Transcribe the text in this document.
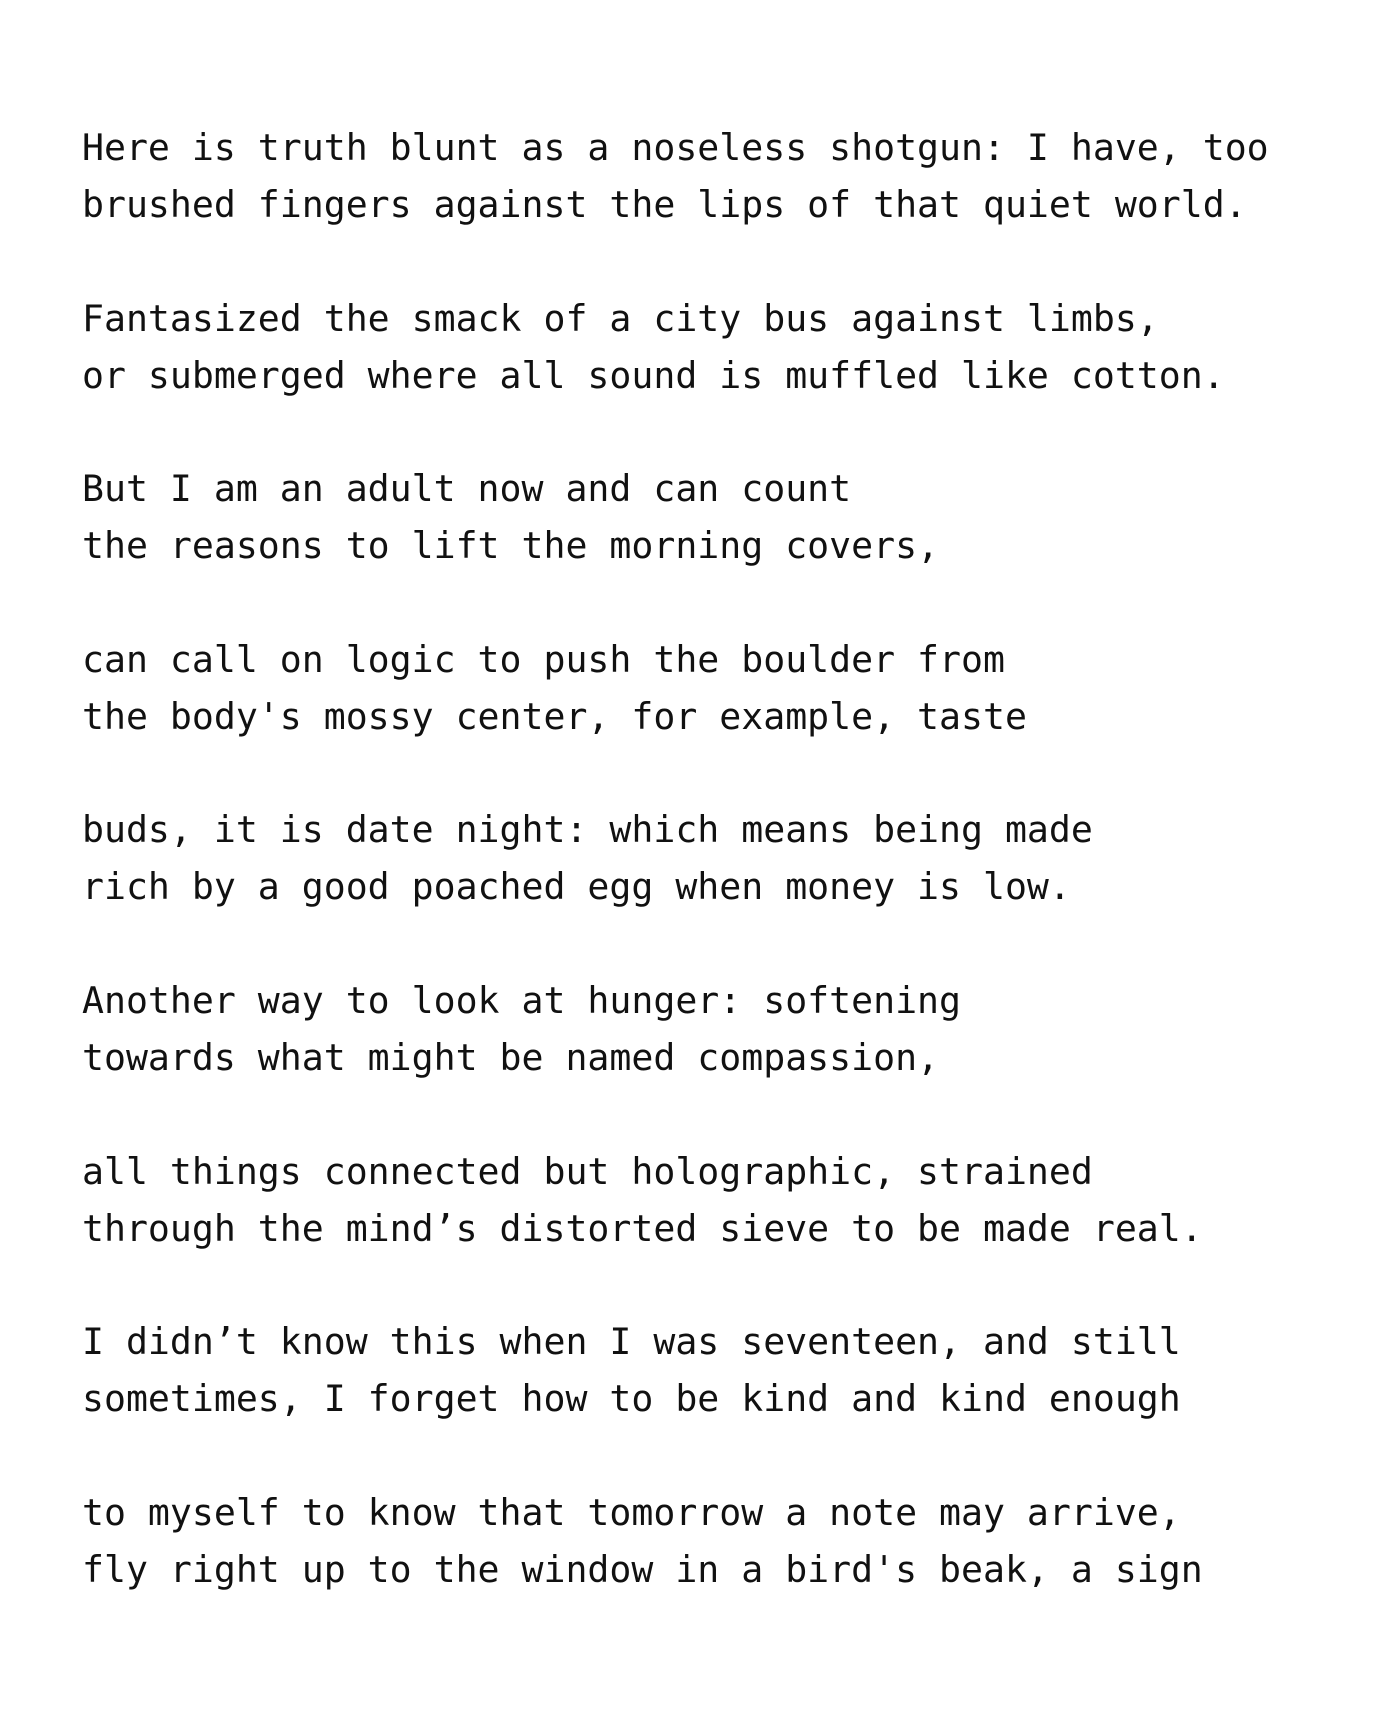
Here is truth blunt as a noseless shotgun: I have, too
brushed fingers against the lips of that quiet world.
Fantasized the smack of a city bus against limbs,
or submerged where all sound is muffled like cotton.
But I am an adult now and can count
the reasons to lift the morning covers,
can call on logic to push the boulder from
the body's mossy center, for example, taste
buds, it is date night: which means being made
rich by a good poached egg when money is low.
Another way to look at hunger: softening
towards what might be named compassion,
all things connected but holographic, strained
through the mind’s distorted sieve to be made real.
I didn’t know this when I was seventeen, and still
sometimes, I forget how to be kind and kind enough
to myself to know that tomorrow a note may arrive,
fly right up to the window in a bird's beak, a sign
